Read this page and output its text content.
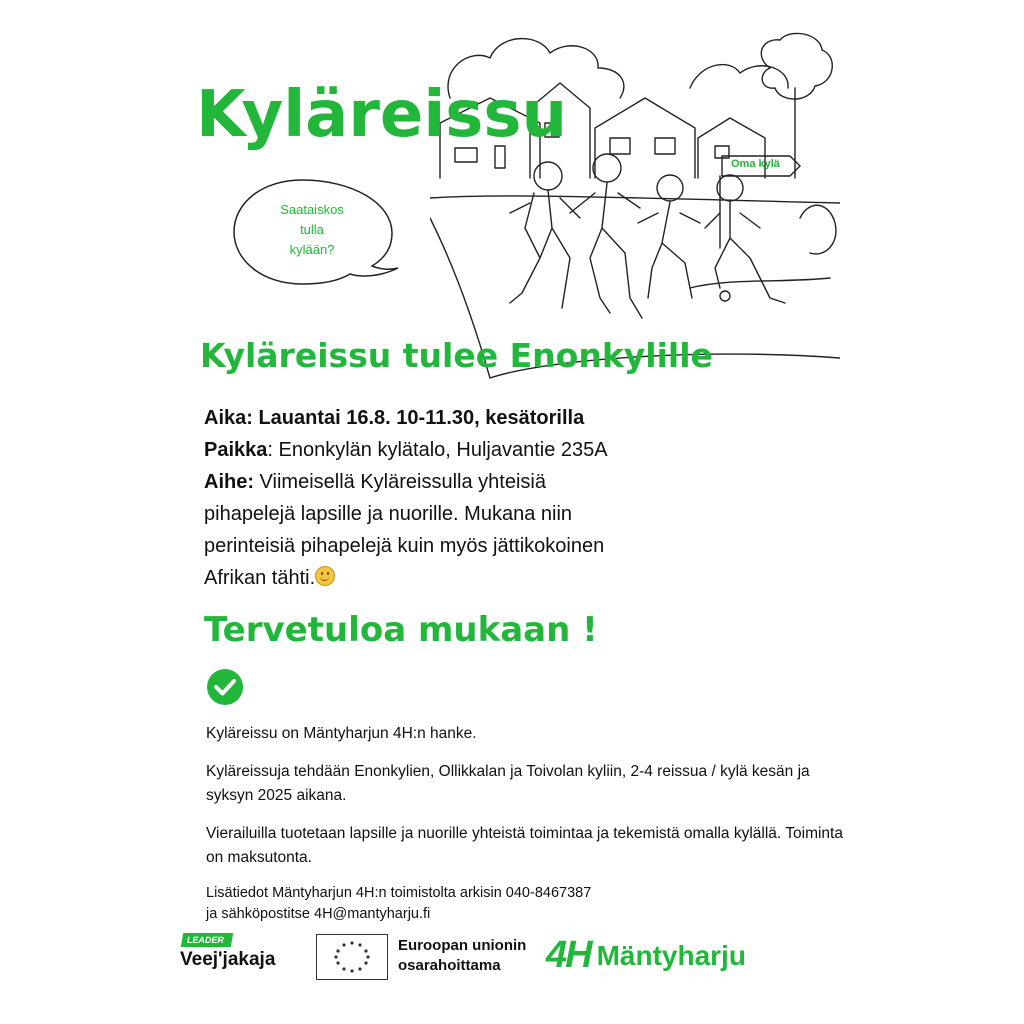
Oma kylä
Kyläreissu
Saataiskos
tulla
kylään?
Kyläreissu tulee Enonkylille
Aika: Lauantai 16.8. 10-11.30, kesätorilla
Paikka: Enonkylän kylätalo, Huljavantie 235A
Aihe: Viimeisellä Kyläreissulla yhteisiä
pihapelejä lapsille ja nuorille. Mukana niin
perinteisiä pihapelejä kuin myös jättikokoinen
Afrikan tähti.
Tervetuloa mukaan !

Kyläreissu on Mäntyharjun 4H:n hanke.

Kyläreissuja tehdään Enonkylien, Ollikkalan ja Toivolan kyliin, 2-4 reissua / kylä kesän ja syksyn 2025 aikana.

Vierailuilla tuotetaan lapsille ja nuorille yhteistä toimintaa ja tekemistä omalla kylällä. Toiminta on maksutonta.

Lisätiedot Mäntyharjun 4H:n toimistolta arkisin 040-8467387
ja sähköpostitse 4H@mantyharju.fi
LEADER
Veej'jakaja
Euroopan unionin
osarahoittama	4H Mäntyharju
